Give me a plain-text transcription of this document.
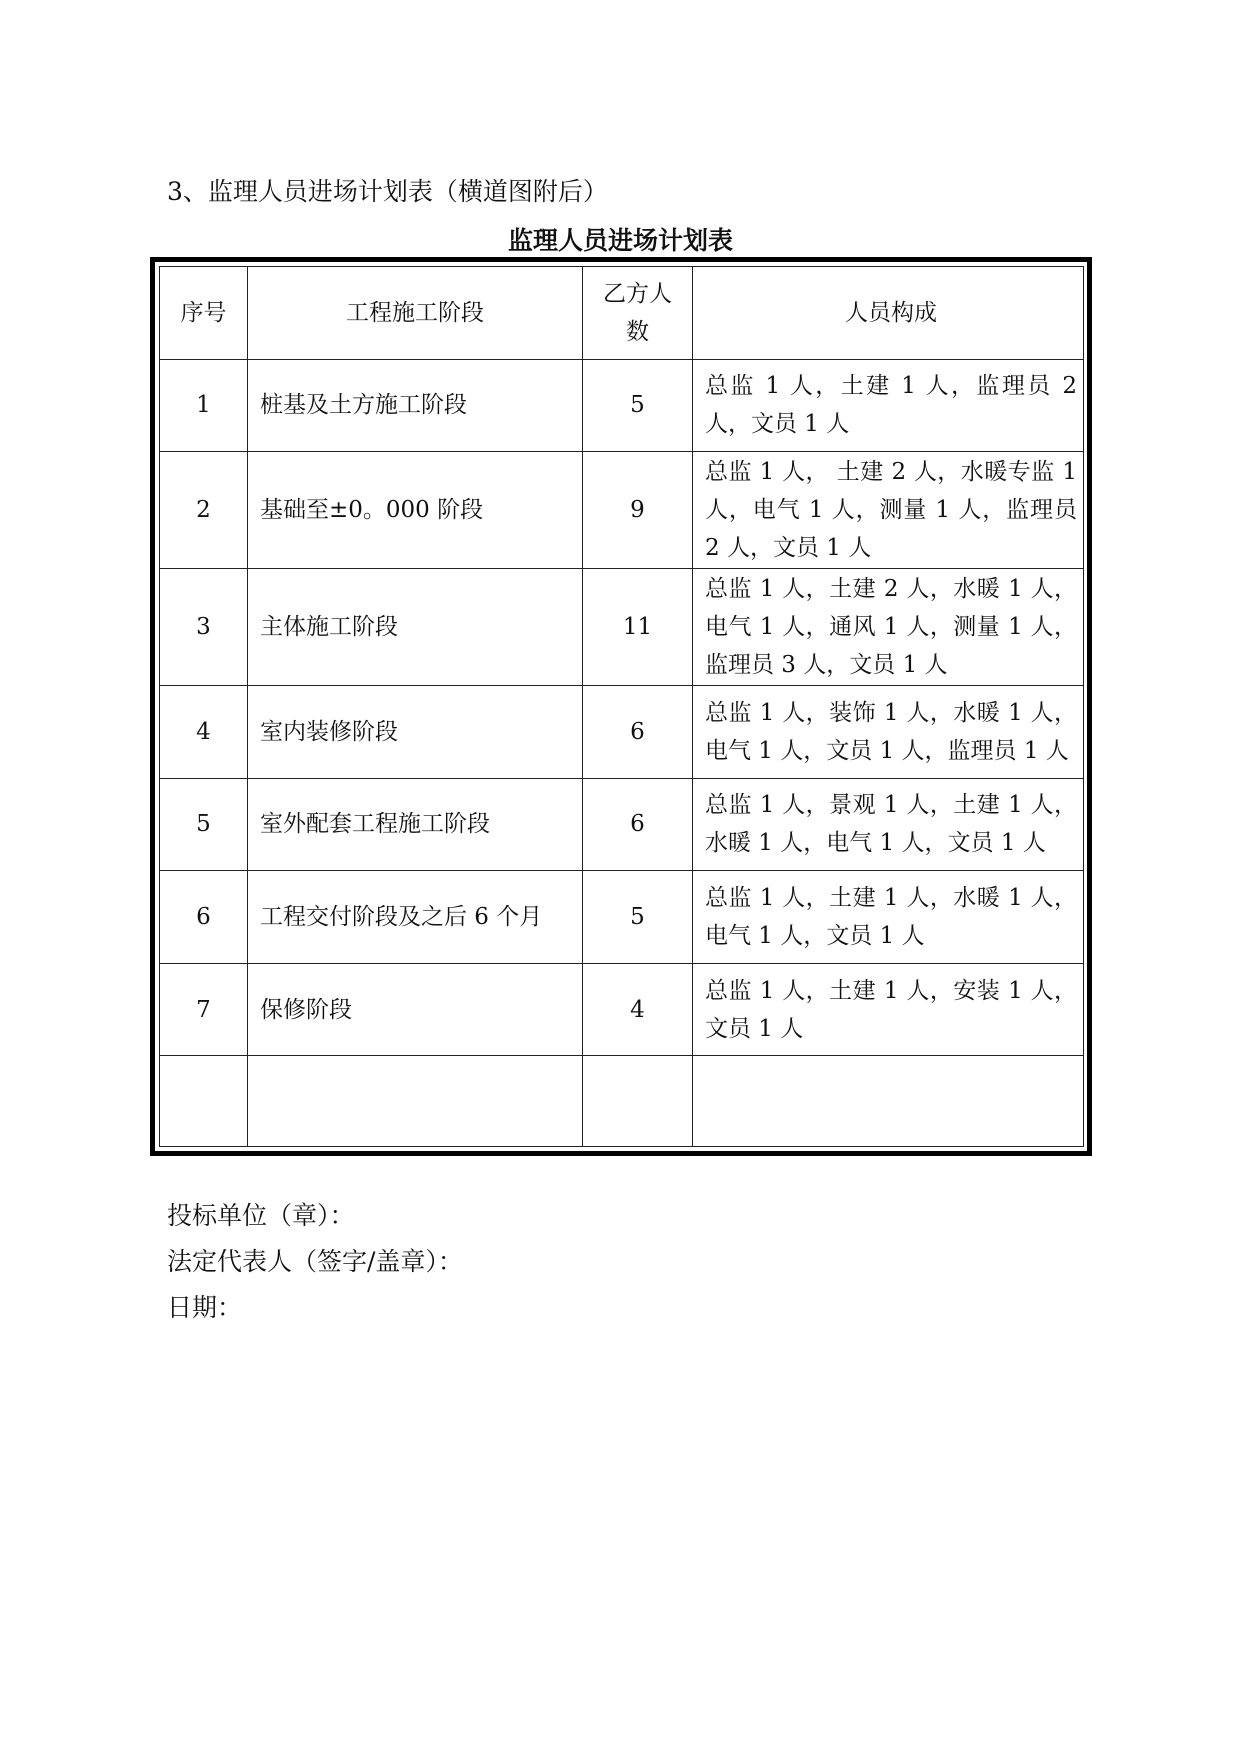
3、监理人员进场计划表（横道图附后）
监理人员进场计划表
序号	工程施工阶段	乙方人数	人员构成
1	桩基及土方施工阶段	5	总监 1 人，土建 1 人，监理员 2 人，文员 1 人
2	基础至±0。000 阶段	9	总监 1 人， 土建 2 人，水暖专监 1 人，电气 1 人，测量 1 人，监理员 2 人，文员 1 人
3	主体施工阶段	11	总监 1 人，土建 2 人，水暖 1 人，电气 1 人，通风 1 人，测量 1 人，监理员 3 人，文员 1 人
4	室内装修阶段	6	总监 1 人，装饰 1 人，水暖 1 人，电气 1 人，文员 1 人，监理员 1 人
5	室外配套工程施工阶段	6	总监 1 人，景观 1 人，土建 1 人，水暖 1 人，电气 1 人，文员 1 人
6	工程交付阶段及之后 6 个月	5	总监 1 人，土建 1 人，水暖 1 人，电气 1 人，文员 1 人
7	保修阶段	4	总监 1 人，土建 1 人，安装 1 人，文员 1 人

投标单位（章）：
法定代表人（签字/盖章）：
日期：
